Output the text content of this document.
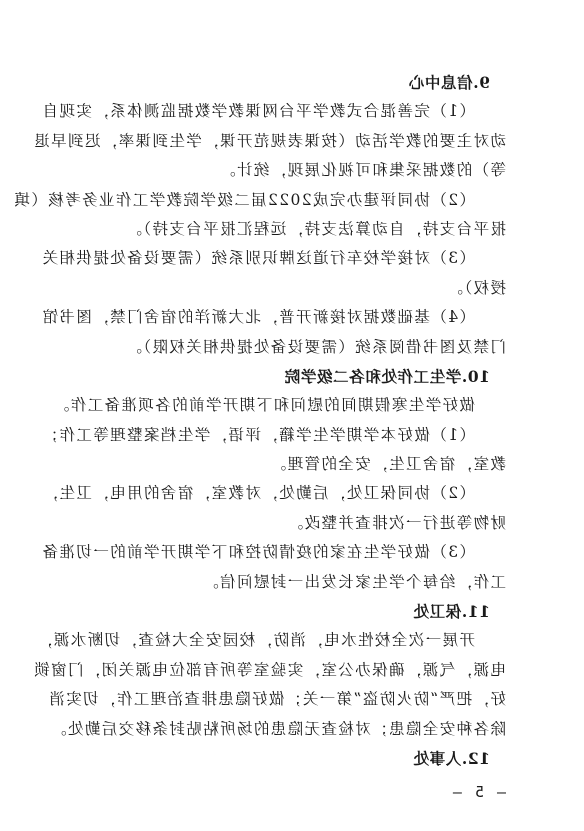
9.信息中心
（1）完善混合式教学平台网课教学数据监测体系，实现自
动对主要的教学活动（按课表规范开课，学生到课率，迟到早退
等）的数据采集和可视化展现，统计。
（2）协同评建办完成2022届二级学院教学工作业务考核（填
报平台支持，自动算法支持，远程汇报平台支持）。
（3）对接学校车行道这牌识别系统（需要设备处提供相关
授权）。
（4）基础数据对接新开普，北大新洋的宿舍门禁，图书馆
门禁及图书借阅系统（需要设备处提供相关权限）。
10.学生工作处和各二级学院
做好学生寒假期间的慰问和下期开学前的各项准备工作。
（1）做好本学期学生学籍，评语，学生档案整理等工作；
教室，宿舍卫生，安全的管理。
（2）协同保卫处，后勤处，对教室，宿舍的用电，卫生，
财物等进行一次排查并整改。
（3）做好学生在家的疫情防控和下学期开学前的一切准备
工作，给每个学生家长发出一封慰问信。
11.保卫处
开展一次全校性水电，消防，校园安全大检查，切断水源，
电源，气源，确保办公室，实验室等所有部位电源关闭，门窗锁
好，把严“防火防盗”第一关；做好隐患排查治理工作，切实消
除各种安全隐患；对检查无隐患的场所粘贴封条移交后勤处。
12.人事处
— 5 —
